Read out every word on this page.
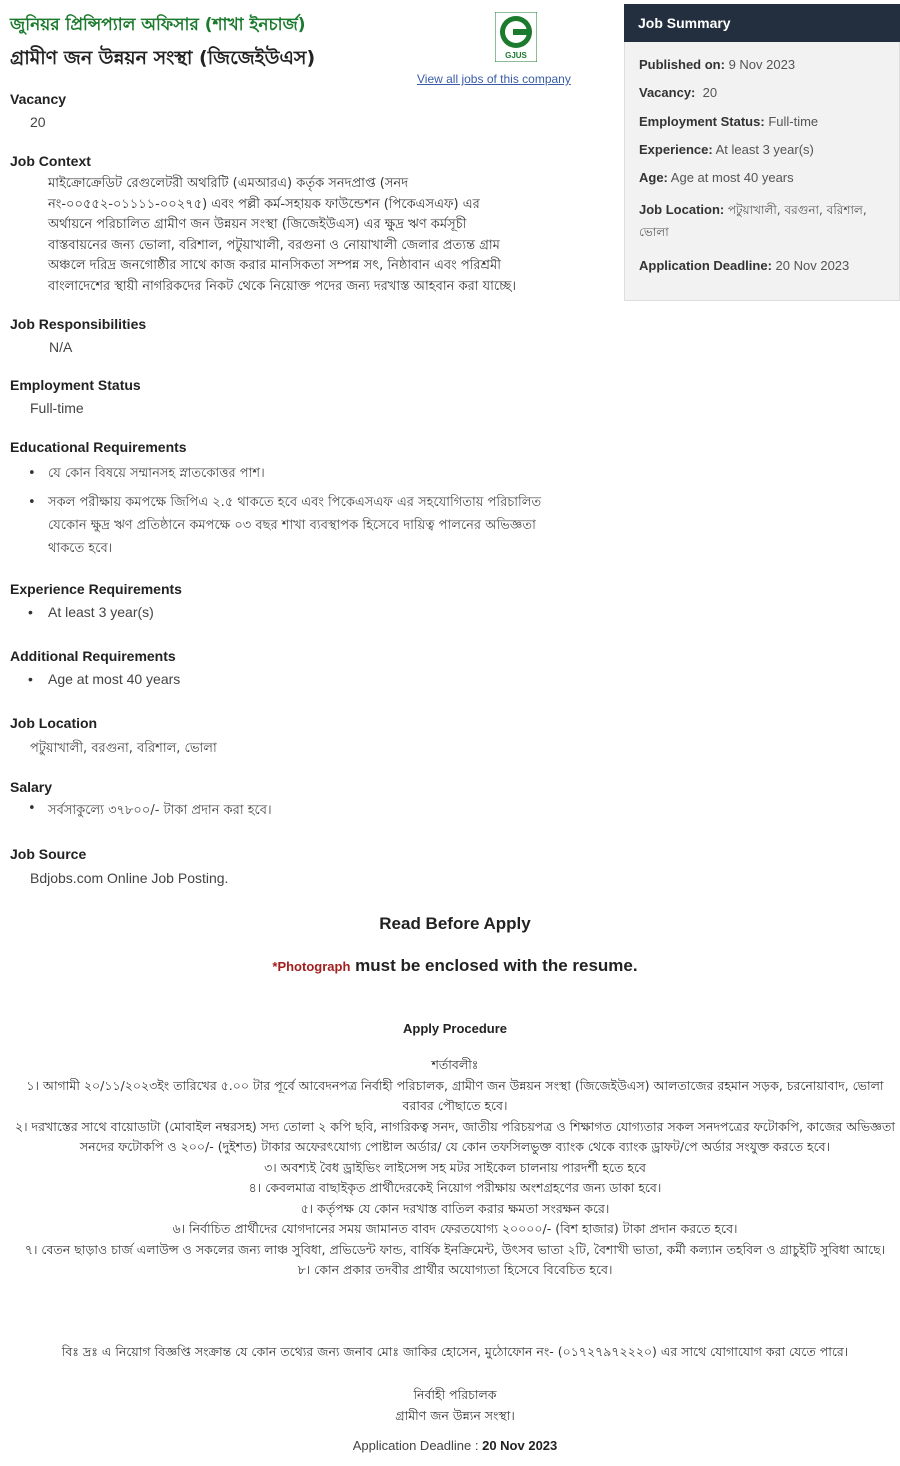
জুনিয়র প্রিন্সিপ্যাল অফিসার (শাখা ইনচার্জ)
গ্রামীণ জন উন্নয়ন সংস্থা (জিজেইউএস)	GJUS
View all jobs of this company
Vacancy
20
Job Context
মাইক্রোক্রেডিট রেগুলেটরী অথরিটি (এমআরএ) কর্তৃক সনদপ্রাপ্ত (সনদ
নং-০০৫৫২-০১১১১-০০২৭৫) এবং পল্লী কর্ম-সহায়ক ফাউন্ডেশন (পিকেএসএফ) এর
অর্থায়নে পরিচালিত গ্রামীণ জন উন্নয়ন সংস্থা (জিজেইউএস) এর ক্ষুদ্র ঋণ কর্মসূচী
বাস্তবায়নের জন্য ভোলা, বরিশাল, পটুয়াখালী, বরগুনা ও নোয়াখালী জেলার প্রত্যন্ত গ্রাম
অঞ্চলে দরিদ্র জনগোষ্ঠীর সাথে কাজ করার মানসিকতা সম্পন্ন সৎ, নিষ্ঠাবান এবং পরিশ্রমী
বাংলাদেশের স্থায়ী নাগরিকদের নিকট থেকে নিয়োক্ত পদের জন্য দরখাস্ত আহবান করা যাচ্ছে।
Job Responsibilities
N/A
Employment Status
Full-time
Educational Requirements
• যে কোন বিষয়ে সম্মানসহ স্নাতকোত্তর পাশ।
• সকল পরীক্ষায় কমপক্ষে জিপিএ ২.৫ থাকতে হবে এবং পিকেএসএফ এর সহযোগিতায় পরিচালিত যেকোন ক্ষুদ্র ঋণ প্রতিষ্ঠানে কমপক্ষে ০৩ বছর শাখা ব্যবস্থাপক হিসেবে দায়িত্ব পালনের অভিজ্ঞতা থাকতে হবে।
Experience Requirements
• At least 3 year(s)
Additional Requirements
• Age at most 40 years
Job Location
পটুয়াখালী, বরগুনা, বরিশাল, ভোলা
Salary
• সর্বসাকুল্যে ৩৭৮০০/- টাকা প্রদান করা হবে।
Job Source
Bdjobs.com Online Job Posting.
Job Summary
Published on: 9 Nov 2023
Vacancy: 20
Employment Status: Full-time
Experience: At least 3 year(s)
Age: Age at most 40 years
Job Location: পটুয়াখালী, বরগুনা, বরিশাল, ভোলা
Application Deadline: 20 Nov 2023
Read Before Apply
*Photograph must be enclosed with the resume.
Apply Procedure
শর্তাবলীঃ
১। আগামী ২০/১১/২০২৩ইং তারিখের ৫.০০ টার পূর্বে আবেদনপত্র নির্বাহী পরিচালক, গ্রামীণ জন উন্নয়ন সংস্থা (জিজেইউএস) আলতাজের রহমান সড়ক, চরনোয়াবাদ, ভোলা বরাবর পৌছাতে হবে।
২। দরখাস্তের সাথে বায়োডাটা (মোবাইল নম্বরসহ) সদ্য তোলা ২ কপি ছবি, নাগরিকত্ব সনদ, জাতীয় পরিচয়পত্র ও শিক্ষাগত যোগ্যতার সকল সনদপত্রের ফটোকপি, কাজের অভিজ্ঞতা সনদের ফটোকপি ও ২০০/- (দুইশত) টাকার অফেরৎযোগ্য পোষ্টাল অর্ডার/ যে কোন তফসিলভুক্ত ব্যাংক থেকে ব্যাংক ড্রাফট/পে অর্ডার সংযুক্ত করতে হবে।
৩। অবশ্যই বৈধ ড্রাইভিং লাইসেন্স সহ মটর সাইকেল চালনায় পারদর্শী হতে হবে
৪। কেবলমাত্র বাছাইকৃত প্রার্থীদেরকেই নিয়োগ পরীক্ষায় অংশগ্রহণের জন্য ডাকা হবে।
৫। কর্তৃপক্ষ যে কোন দরখাস্ত বাতিল করার ক্ষমতা সংরক্ষন করে।
৬। নির্বাচিত প্রার্থীদের যোগদানের সময় জামানত বাবদ ফেরতযোগ্য ২০০০০/- (বিশ হাজার) টাকা প্রদান করতে হবে।
৭। বেতন ছাড়াও চার্জ এলাউন্স ও সকলের জন্য লাঞ্চ সুবিধা, প্রভিডেন্ট ফান্ড, বার্ষিক ইনক্রিমেন্ট, উৎসব ভাতা ২টি, বৈশাখী ভাতা, কর্মী কল্যান তহবিল ও গ্রাচুইটি সুবিধা আছে।
৮। কোন প্রকার তদবীর প্রার্থীর অযোগ্যতা হিসেবে বিবেচিত হবে।
বিঃ দ্রঃ এ নিয়োগ বিজ্ঞপ্তি সংক্রান্ত যে কোন তথ্যের জন্য জনাব মোঃ জাকির হোসেন, মুঠোফোন নং- (০১৭২৭৯৭২২২০) এর সাথে যোগাযোগ করা যেতে পারে।
নির্বাহী পরিচালক
গ্রামীণ জন উন্ন্যন সংস্থা।
Application Deadline : 20 Nov 2023
